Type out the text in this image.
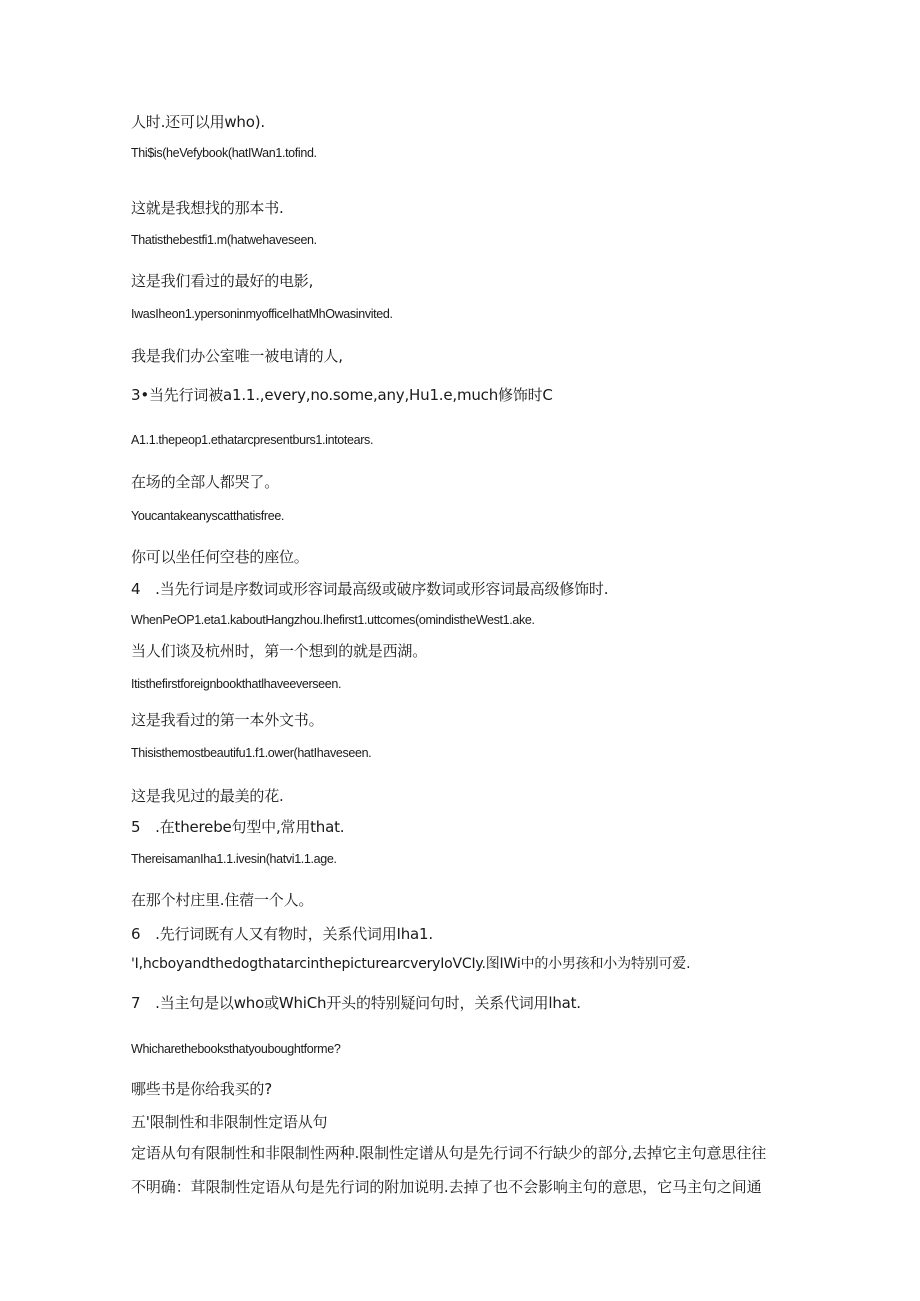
人时.还可以用who).
Thi$is(heVefybook(hatIWan1.tofind.
这就是我想找的那本书.
Thatisthebestfi1.m(hatwehaveseen.
这是我们看过的最好的电影,
IwasIheon1.ypersoninmyofficeIhatMhOwasinvited.
我是我们办公室唯一被电请的人,
3•当先行词被a1.1.,every,no.some,any,Hu1.e,much修饰时C
A1.1.thepeop1.ethatarcpresentburs1.intotears.
在场的全部人都哭了。
Youcantakeanyscatthatisfree.
你可以坐任何空巷的座位。
4　.当先行词是序数词或形容词最高级或破序数词或形容词最高级修饰时.
WhenPeOP1.eta1.kaboutHangzhou.Ihefirst1.uttcomes(omindistheWest1.ake.
当人们谈及杭州时，第一个想到的就是西湖。
Itisthefirstforeignbookthatlhaveeverseen.
这是我看过的第一本外文书。
Thisisthemostbeautifu1.f1.ower(hatIhaveseen.
这是我见过的最美的花.
5　.在therebe句型中,常用that.
ThereisamanIha1.1.ivesin(hatvi1.1.age.
在那个村庄里.住蓿一个人。
6　.先行词既有人又有物时，关系代词用Iha1.
'I,hcboyandthedogthatarcinthepicturearcveryIoVCIy.图IWi中的小男孩和小为特别可爱.
7　.当主句是以who或WhiCh开头的特别疑问句时，关系代词用lhat.
Whicharethebooksthatyouboughtforme?
哪些书是你给我买的?
五'限制性和非限制性定语从句
定语从句有限制性和非限制性两种.限制性定谱从句是先行词不行缺少的部分,去掉它主句意思往往
不明确：茸限制性定语从句是先行词的附加说明.去掉了也不会影响主句的意思，它马主句之间通
